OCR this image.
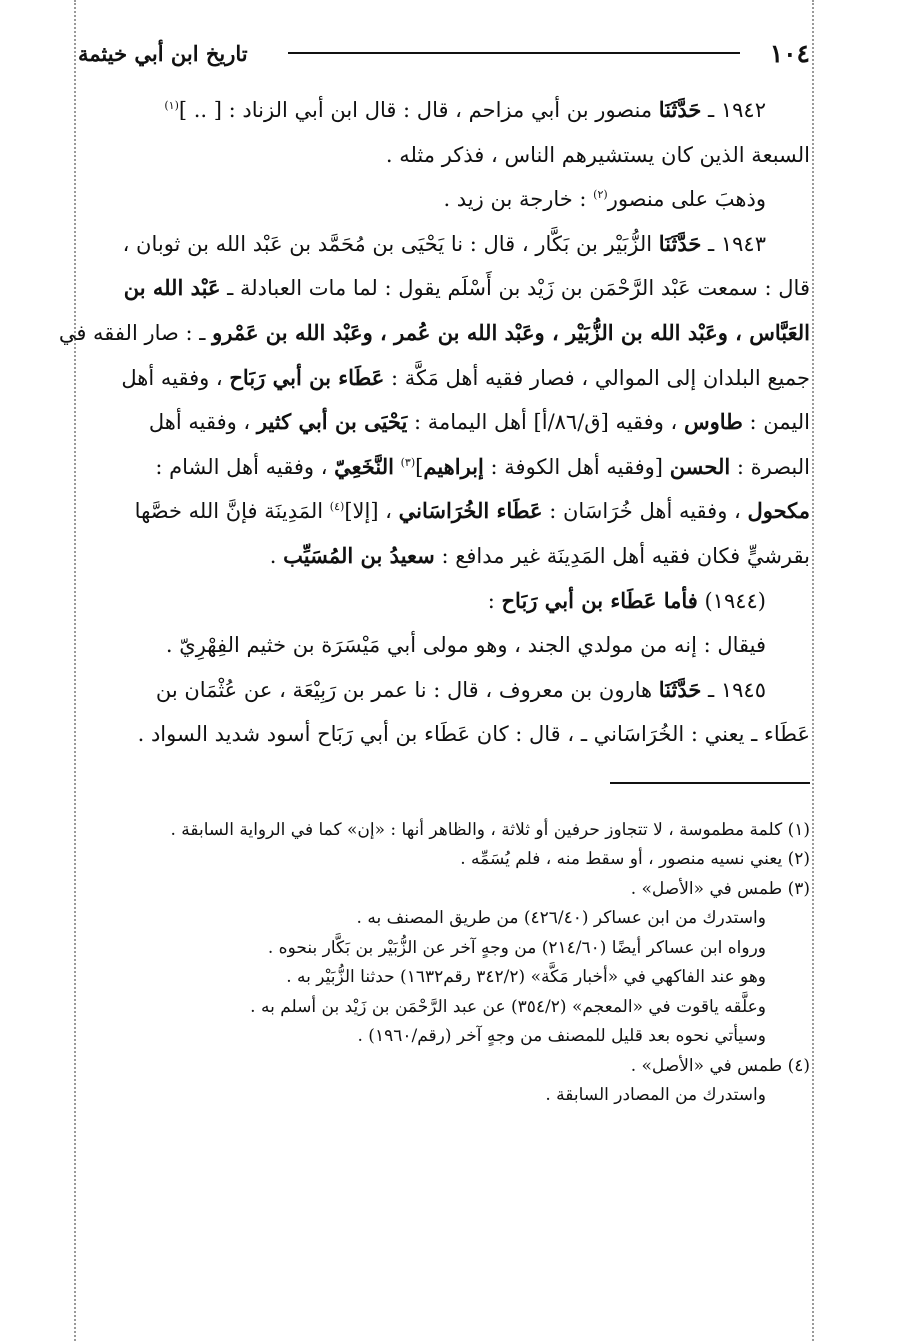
١٠٤
تاريخ ابن أبي خيثمة
١٩٤٢ ـ حَدَّثَنَا منصور بن أبي مزاحم ، قال : قال ابن أبي الزناد : [ .. ]$^{(١)}$
السبعة الذين كان يستشيرهم الناس ، فذكر مثله .
وذهبَ على منصور$^{(٢)}$ : خارجة بن زيد .
١٩٤٣ ـ حَدَّثَنَا الزُّبَيْر بن بَكَّار ، قال : نا يَحْيَى بن مُحَمَّد بن عَبْد الله بن ثوبان ،
قال : سمعت عَبْد الرَّحْمَن بن زَيْد بن أَسْلَم يقول : لما مات العبادلة ـ عَبْد الله بن
العَبَّاس ، وعَبْد الله بن الزُّبَيْر ، وعَبْد الله بن عُمر ، وعَبْد الله بن عَمْرو ـ : صار الفقه في
جميع البلدان إلى الموالي ، فصار فقيه أهل مَكَّة : عَطَاء بن أبي رَبَاح ، وفقيه أهل
اليمن : طاوس ، وفقيه [ق/٨٦/أ] أهل اليمامة : يَحْيَى بن أبي كثير ، وفقيه أهل
البصرة : الحسن [وفقيه أهل الكوفة : إبراهيم]$^{(٣)}$ النَّخَعِيّ ، وفقيه أهل الشام :
مكحول ، وفقيه أهل خُرَاسَان : عَطَاء الخُرَاسَاني ، [إلا]$^{(٤)}$ المَدِينَة فإنَّ الله خصَّها
بقرشيٍّ فكان فقيه أهل المَدِينَة غير مدافع : سعيدُ بن المُسَيِّب .
(١٩٤٤) فأما عَطَاء بن أبي رَبَاح :
فيقال : إنه من مولدي الجند ، وهو مولى أبي مَيْسَرَة بن خثيم الفِهْرِيّ .
١٩٤٥ ـ حَدَّثَنَا هارون بن معروف ، قال : نا عمر بن رَبِيْعَة ، عن عُثْمَان بن
عَطَاء ـ يعني : الخُرَاسَاني ـ ، قال : كان عَطَاء بن أبي رَبَاح أسود شديد السواد .
(١) كلمة مطموسة ، لا تتجاوز حرفين أو ثلاثة ، والظاهر أنها : «إن» كما في الرواية السابقة .
(٢) يعني نسيه منصور ، أو سقط منه ، فلم يُسَمِّه .
(٣) طمس في «الأصل» .
واستدرك من ابن عساكر (٤٢٦/٤٠) من طريق المصنف به .
ورواه ابن عساكر أيضًا (٢١٤/٦٠) من وجهٍ آخر عن الزُّبَيْر بن بَكَّار بنحوه .
وهو عند الفاكهي في «أخبار مَكَّة» (٣٤٢/٢ رقم١٦٣٢) حدثنا الزُّبَيْر به .
وعلَّقه ياقوت في «المعجم» (٣٥٤/٢) عن عبد الرَّحْمَن بن زَيْد بن أسلم به .
وسيأتي نحوه بعد قليل للمصنف من وجهٍ آخر (رقم/١٩٦٠) .
(٤) طمس في «الأصل» .
واستدرك من المصادر السابقة .
